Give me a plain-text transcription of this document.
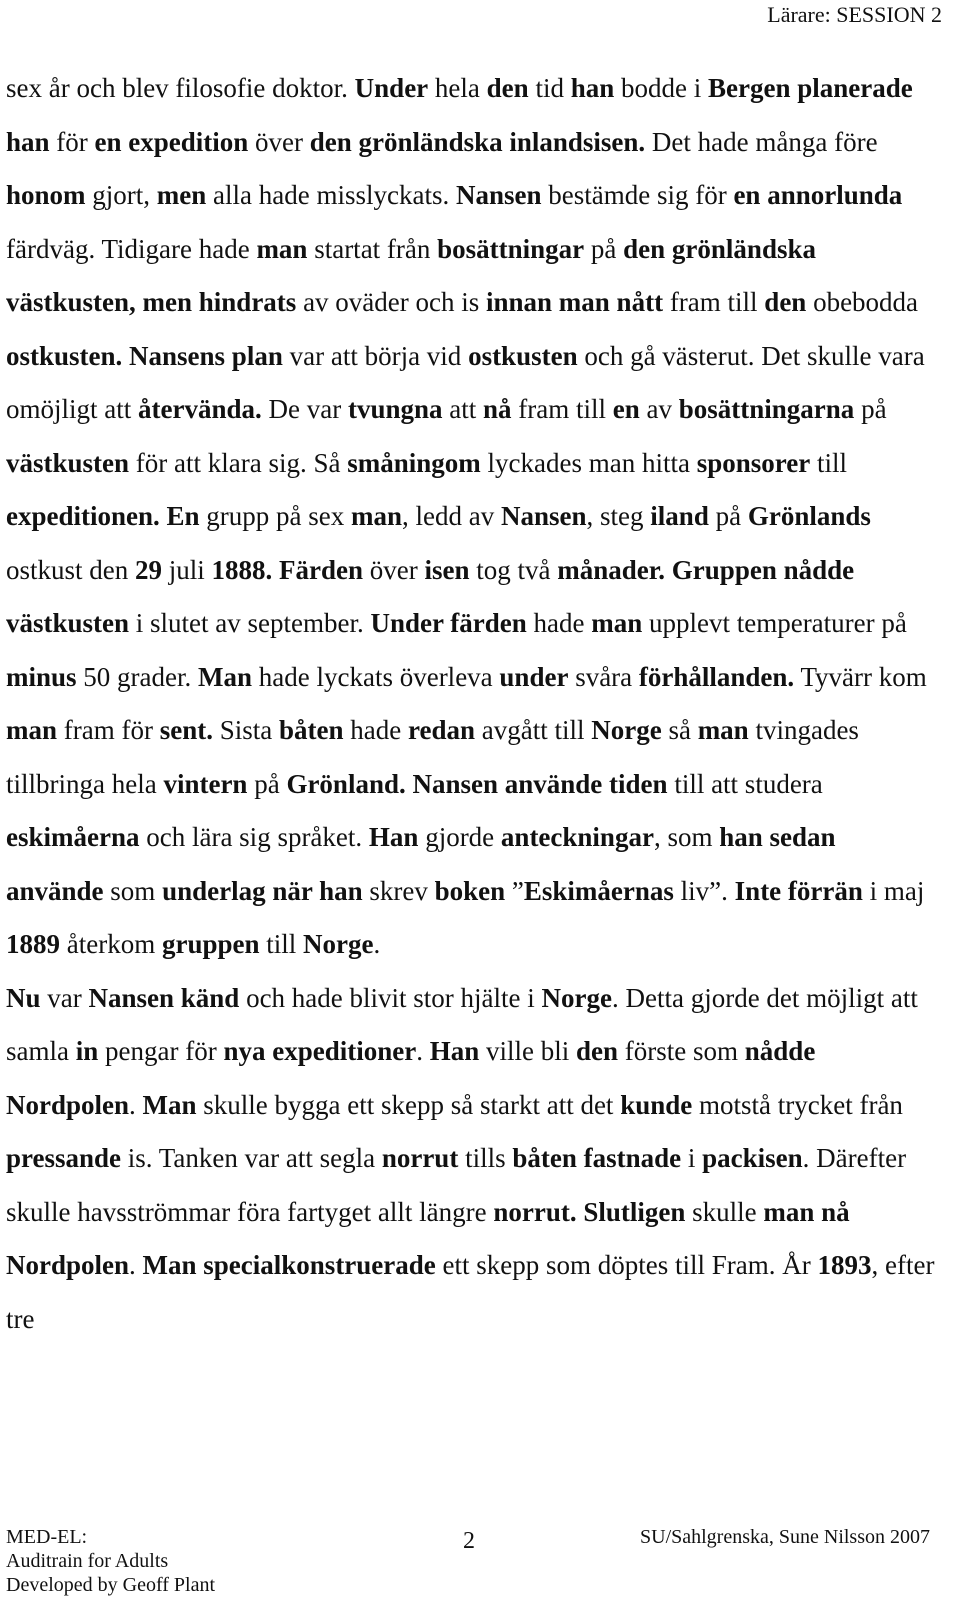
Lärare: SESSION 2

sex år och blev filosofie doktor. Under hela den tid han bodde i Bergen planerade han för en expedition över den grönländska inlandsisen. Det hade många före honom gjort, men alla hade misslyckats. Nansen bestämde sig för en annorlunda färdväg. Tidigare hade man startat från bosättningar på den grönländska västkusten, men hindrats av oväder och is innan man nått fram till den obebodda ostkusten. Nansens plan var att börja vid ostkusten och gå västerut. Det skulle vara omöjligt att återvända. De var tvungna att nå fram till en av bosättningarna på västkusten för att klara sig. Så småningom lyckades man hitta sponsorer till expeditionen. En grupp på sex man, ledd av Nansen, steg iland på Grönlands ostkust den 29 juli 1888. Färden över isen tog två månader. Gruppen nådde västkusten i slutet av september. Under färden hade man upplevt temperaturer på minus 50 grader. Man hade lyckats överleva under svåra förhållanden. Tyvärr kom man fram för sent. Sista båten hade redan avgått till Norge så man tvingades tillbringa hela vintern på Grönland. Nansen använde tiden till att studera eskimåerna och lära sig språket. Han gjorde anteckningar, som han sedan använde som underlag när han skrev boken ”Eskimåernas liv”. Inte förrän i maj 1889 återkom gruppen till Norge.

Nu var Nansen känd och hade blivit stor hjälte i Norge. Detta gjorde det möjligt att samla in pengar för nya expeditioner. Han ville bli den förste som nådde Nordpolen. Man skulle bygga ett skepp så starkt att det kunde motstå trycket från pressande is. Tanken var att segla norrut tills båten fastnade i packisen. Därefter skulle havsströmmar föra fartyget allt längre norrut. Slutligen skulle man nå Nordpolen. Man specialkonstruerade ett skepp som döptes till Fram. År 1893, efter tre

MED-EL:
Auditrain for Adults
Developed by Geoff Plant
2	SU/Sahlgrenska, Sune Nilsson 2007
